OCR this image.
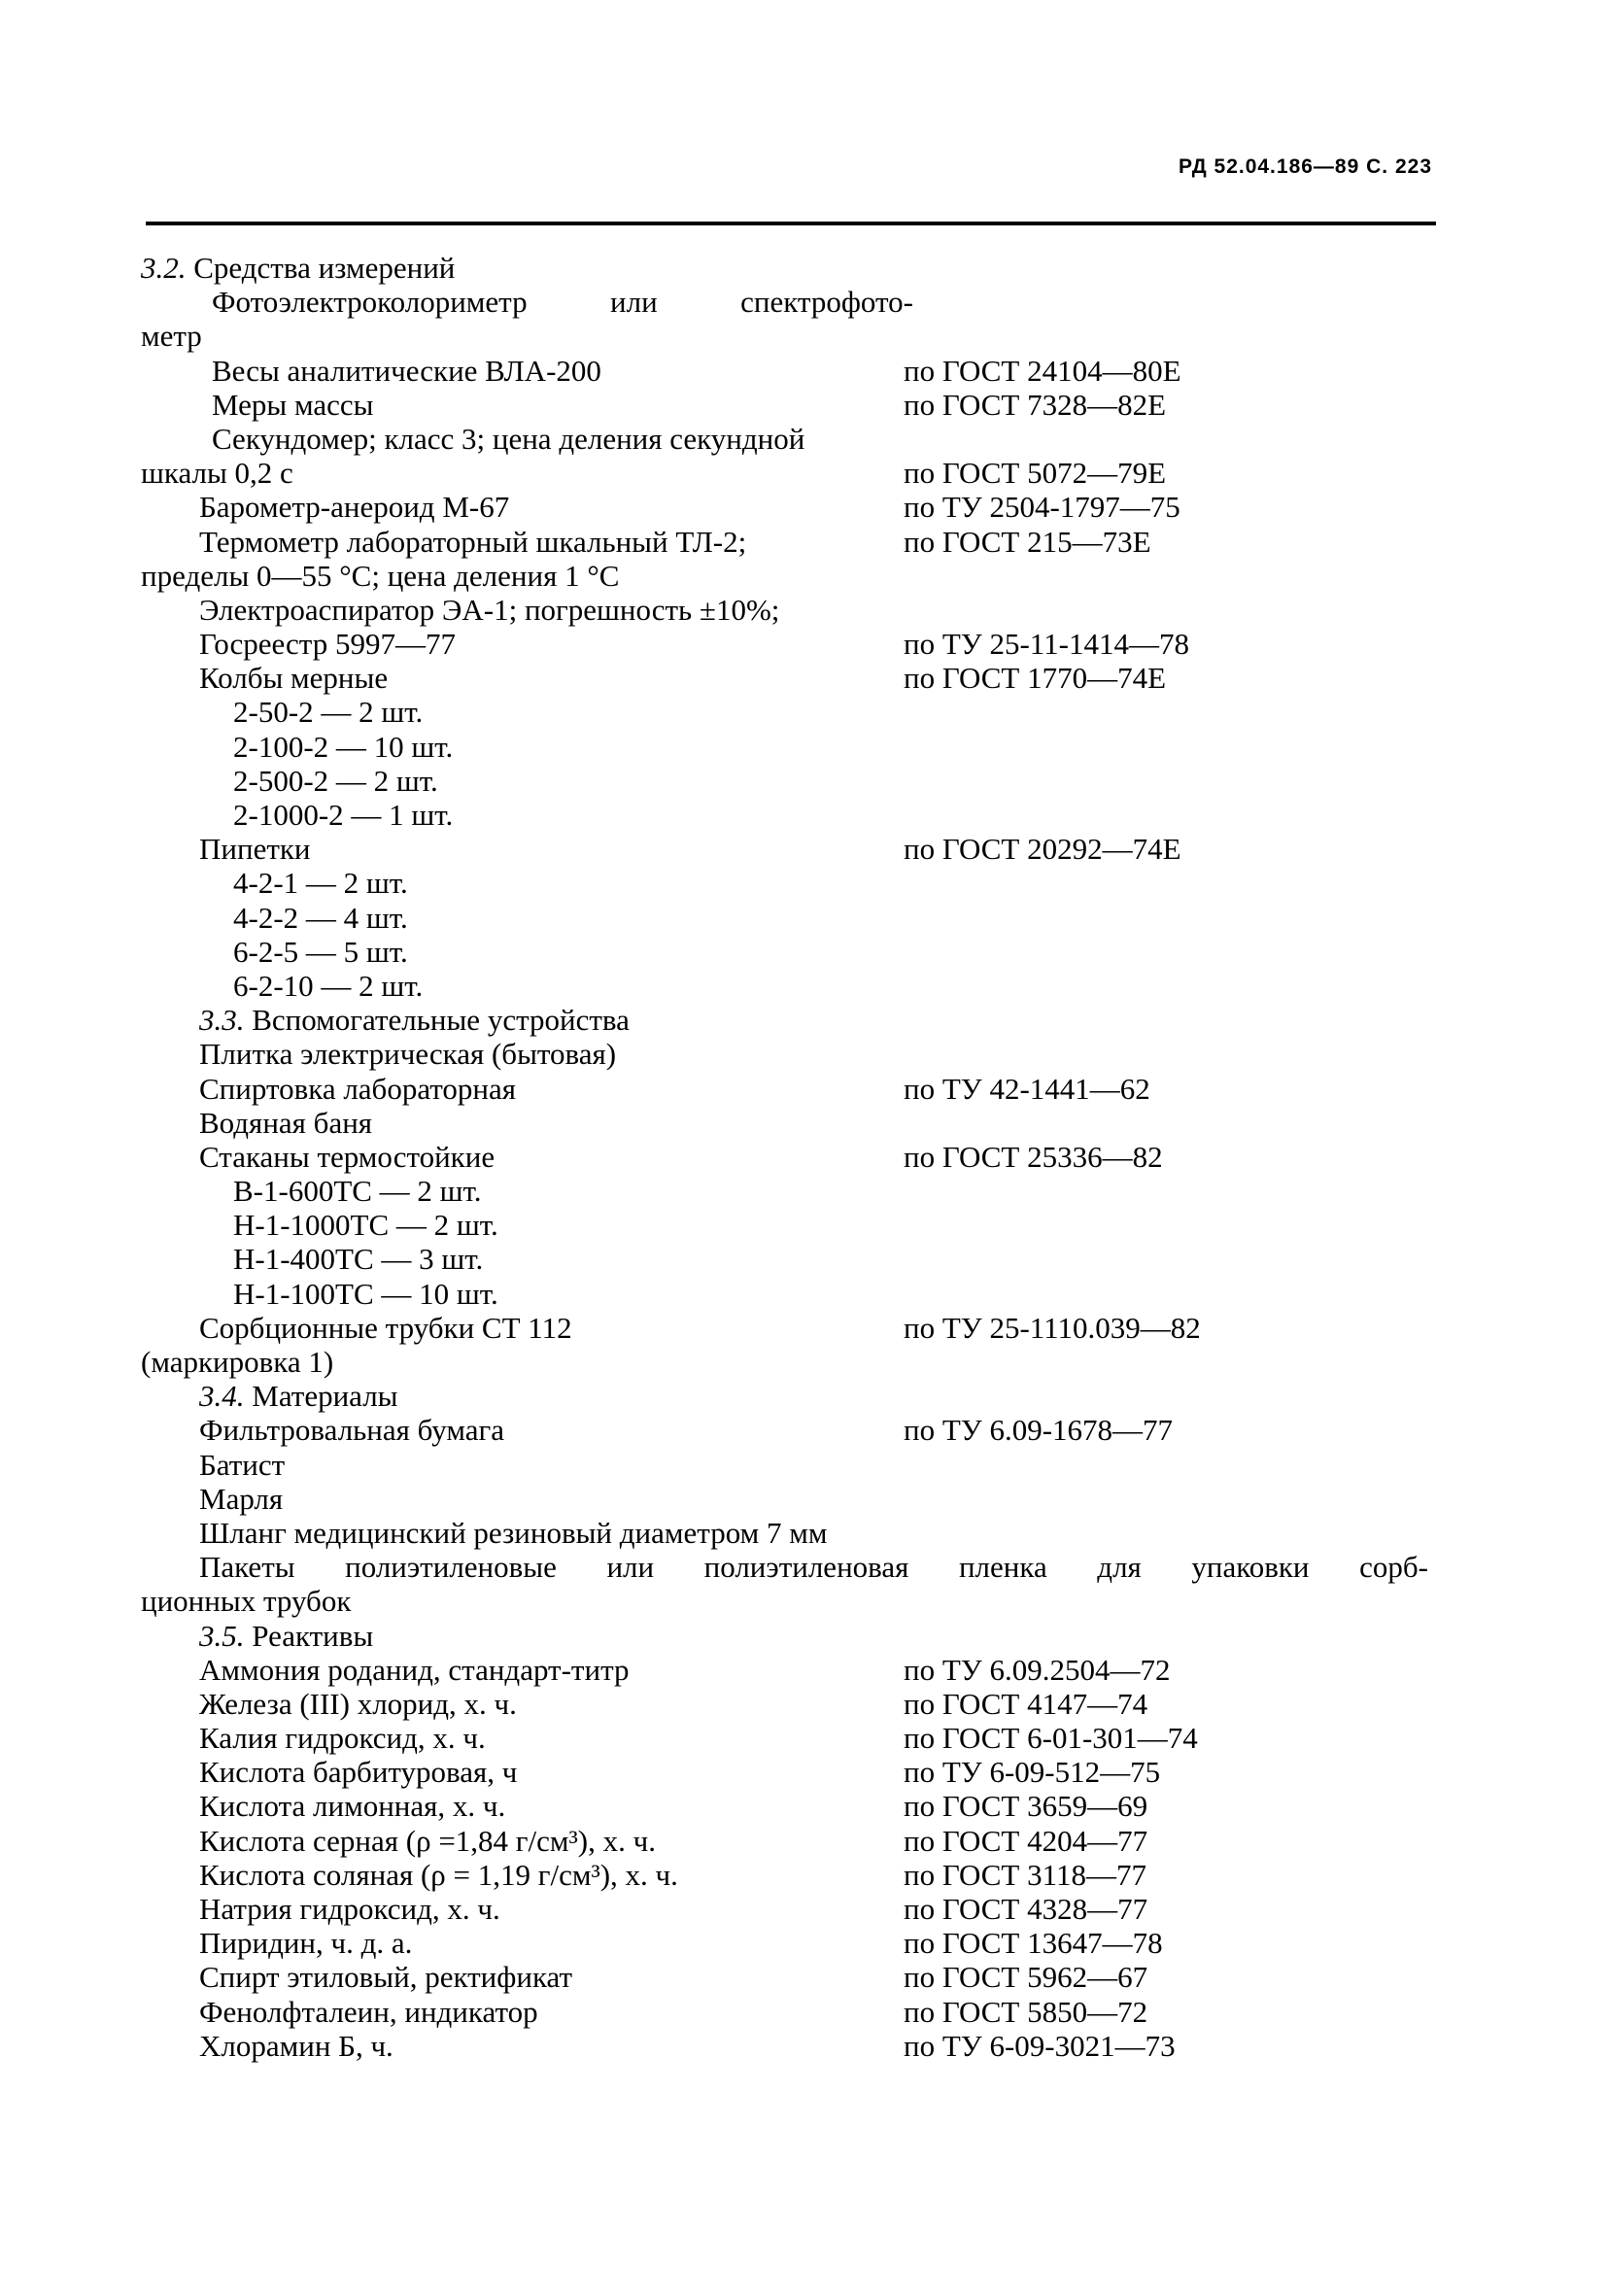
РД 52.04.186—89 С. 223
3.2. Средства измерений
Фотоэлектроколориметр	или	спектрофото-
метр
Весы аналитические ВЛА-200	по ГОСТ 24104—80Е
Меры массы	по ГОСТ 7328—82Е
Секундомер; класс 3; цена деления секундной
шкалы 0,2 с	по ГОСТ 5072—79Е
Барометр-анероид М-67	по ТУ 2504-1797—75
Термометр лабораторный шкальный ТЛ-2;	по ГОСТ 215—73Е
пределы 0—55 °С; цена деления 1 °С
Электроаспиратор ЭА-1; погрешность ±10%;
Госреестр 5997—77	по ТУ 25-11-1414—78
Колбы мерные	по ГОСТ 1770—74Е
2-50-2 — 2 шт.
2-100-2 — 10 шт.
2-500-2 — 2 шт.
2-1000-2 — 1 шт.
Пипетки	по ГОСТ 20292—74Е
4-2-1 — 2 шт.
4-2-2 — 4 шт.
6-2-5 — 5 шт.
6-2-10 — 2 шт.
3.3. Вспомогательные устройства
Плитка электрическая (бытовая)
Спиртовка лабораторная	по ТУ 42-1441—62
Водяная баня
Стаканы термостойкие	по ГОСТ 25336—82
В-1-600ТС — 2 шт.
Н-1-1000ТС — 2 шт.
Н-1-400ТС — 3 шт.
Н-1-100ТС — 10 шт.
Сорбционные трубки СТ 112	по ТУ 25-1110.039—82
(маркировка 1)
3.4. Материалы
Фильтровальная бумага	по ТУ 6.09-1678—77
Батист
Марля
Шланг медицинский резиновый диаметром 7 мм
Пакеты полиэтиленовые или полиэтиленовая пленка для упаковки сорб-
ционных трубок
3.5. Реактивы
Аммония роданид, стандарт-титр	по ТУ 6.09.2504—72
Железа (III) хлорид, х. ч.	по ГОСТ 4147—74
Калия гидроксид, х. ч.	по ГОСТ 6-01-301—74
Кислота барбитуровая, ч	по ТУ 6-09-512—75
Кислота лимонная, х. ч.	по ГОСТ 3659—69
Кислота серная (ρ =1,84 г/см³), х. ч.	по ГОСТ 4204—77
Кислота соляная (ρ = 1,19 г/см³), х. ч.	по ГОСТ 3118—77
Натрия гидроксид, х. ч.	по ГОСТ 4328—77
Пиридин, ч. д. а.	по ГОСТ 13647—78
Спирт этиловый, ректификат	по ГОСТ 5962—67
Фенолфталеин, индикатор	по ГОСТ 5850—72
Хлорамин Б, ч.	по ТУ 6-09-3021—73
